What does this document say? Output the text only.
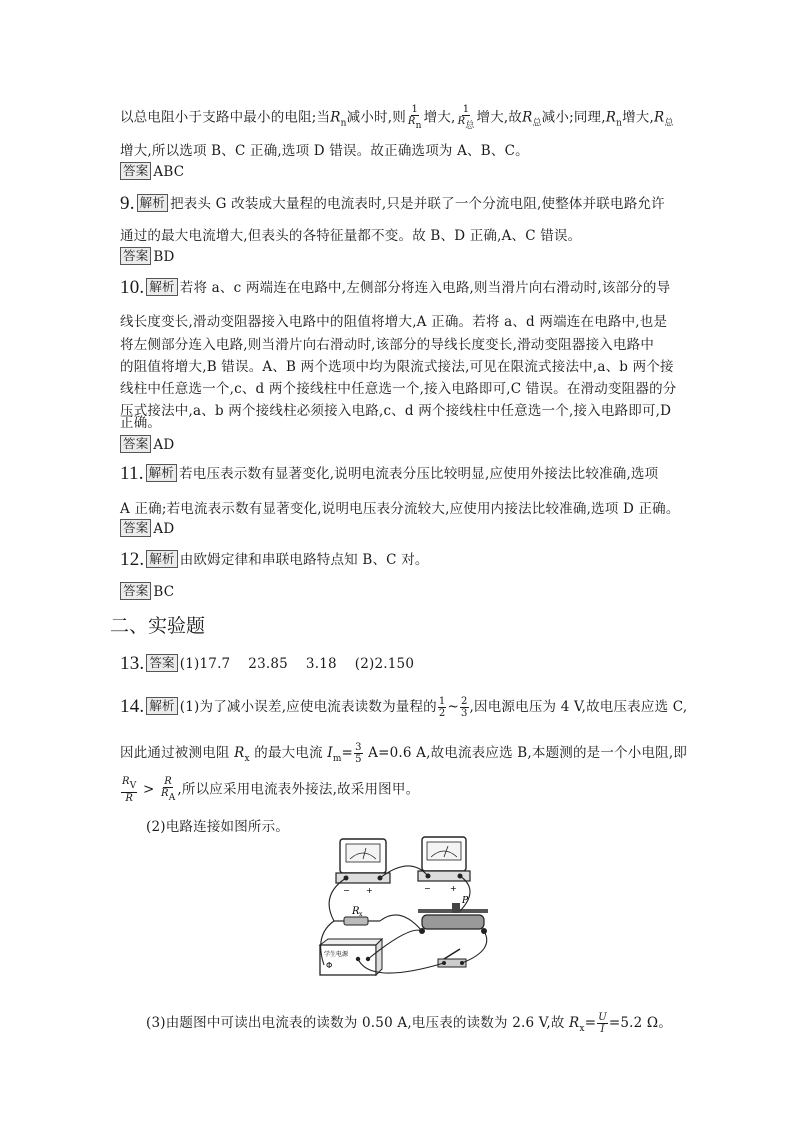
以总电阻小于支路中最小的电阻;当$R_n$减小时,则 $\frac{1}{Rn}$ 增大, $\frac{1}{\text{R总}}$ 增大,故$R_总$减小;同理$,R_n$增大$,R_总$
增大,所以选项 B、C 正确,选项 D 错误。故正确选项为 A、B、C。
答案 ABC
9. 解析 把表头 G 改装成大量程的电流表时,只是并联了一个分流电阻,使整体并联电路允许
通过的最大电流增大,但表头的各特征量都不变。故 B、D 正确,A、C 错误。
答案 BD
10. 解析 若将 a、c 两端连在电路中,左侧部分将连入电路,则当滑片向右滑动时,该部分的导
线长度变长,滑动变阻器接入电路中的阻值将增大,A 正确。若将 a、d 两端连在电路中,也是
将左侧部分连入电路,则当滑片向右滑动时,该部分的导线长度变长,滑动变阻器接入电路中
的阻值将增大,B 错误。A、B 两个选项中均为限流式接法,可见在限流式接法中,a、b 两个接
线柱中任意选一个,c、d 两个接线柱中任意选一个,接入电路即可,C 错误。在滑动变阻器的分
压式接法中,a、b 两个接线柱必须接入电路,c、d 两个接线柱中任意选一个,接入电路即可,D
正确。
答案 AD
11. 解析 若电压表示数有显著变化,说明电流表分压比较明显,应使用外接法比较准确,选项
A 正确;若电流表示数有显著变化,说明电压表分流较大,应使用内接法比较准确,选项 D 正确。
答案 AD
12. 解析 由欧姆定律和串联电路特点知 B、C 对。
答案 BC
二、实验题
13. 答案 (1)17.7    23.85    3.18    (2)2.150
14. 解析 (1)为了减小误差,应使电流表读数为量程的 $\frac{1}{2}$ ~ $\frac{2}{3}$ ,因电源电压为 4 V,故电压表应选 C,
因此通过被测电阻 $R_x$ 的最大电流 $I_m= \frac{3}{5} A=0.6$ A,故电流表应选 B,本题测的是一个小电阻,即
$\frac{RV}{R} > \frac{R}{RA}$ ,所以应采用电流表外接法,故采用图甲。
(2)电路连接如图所示。
− +	− +
R x
P
学生电源
Φ
(3)由题图中可读出电流表的读数为 0.50 A,电压表的读数为 2.6 V,故 $R_x= \frac{U}{I} =5.2$ Ω。
